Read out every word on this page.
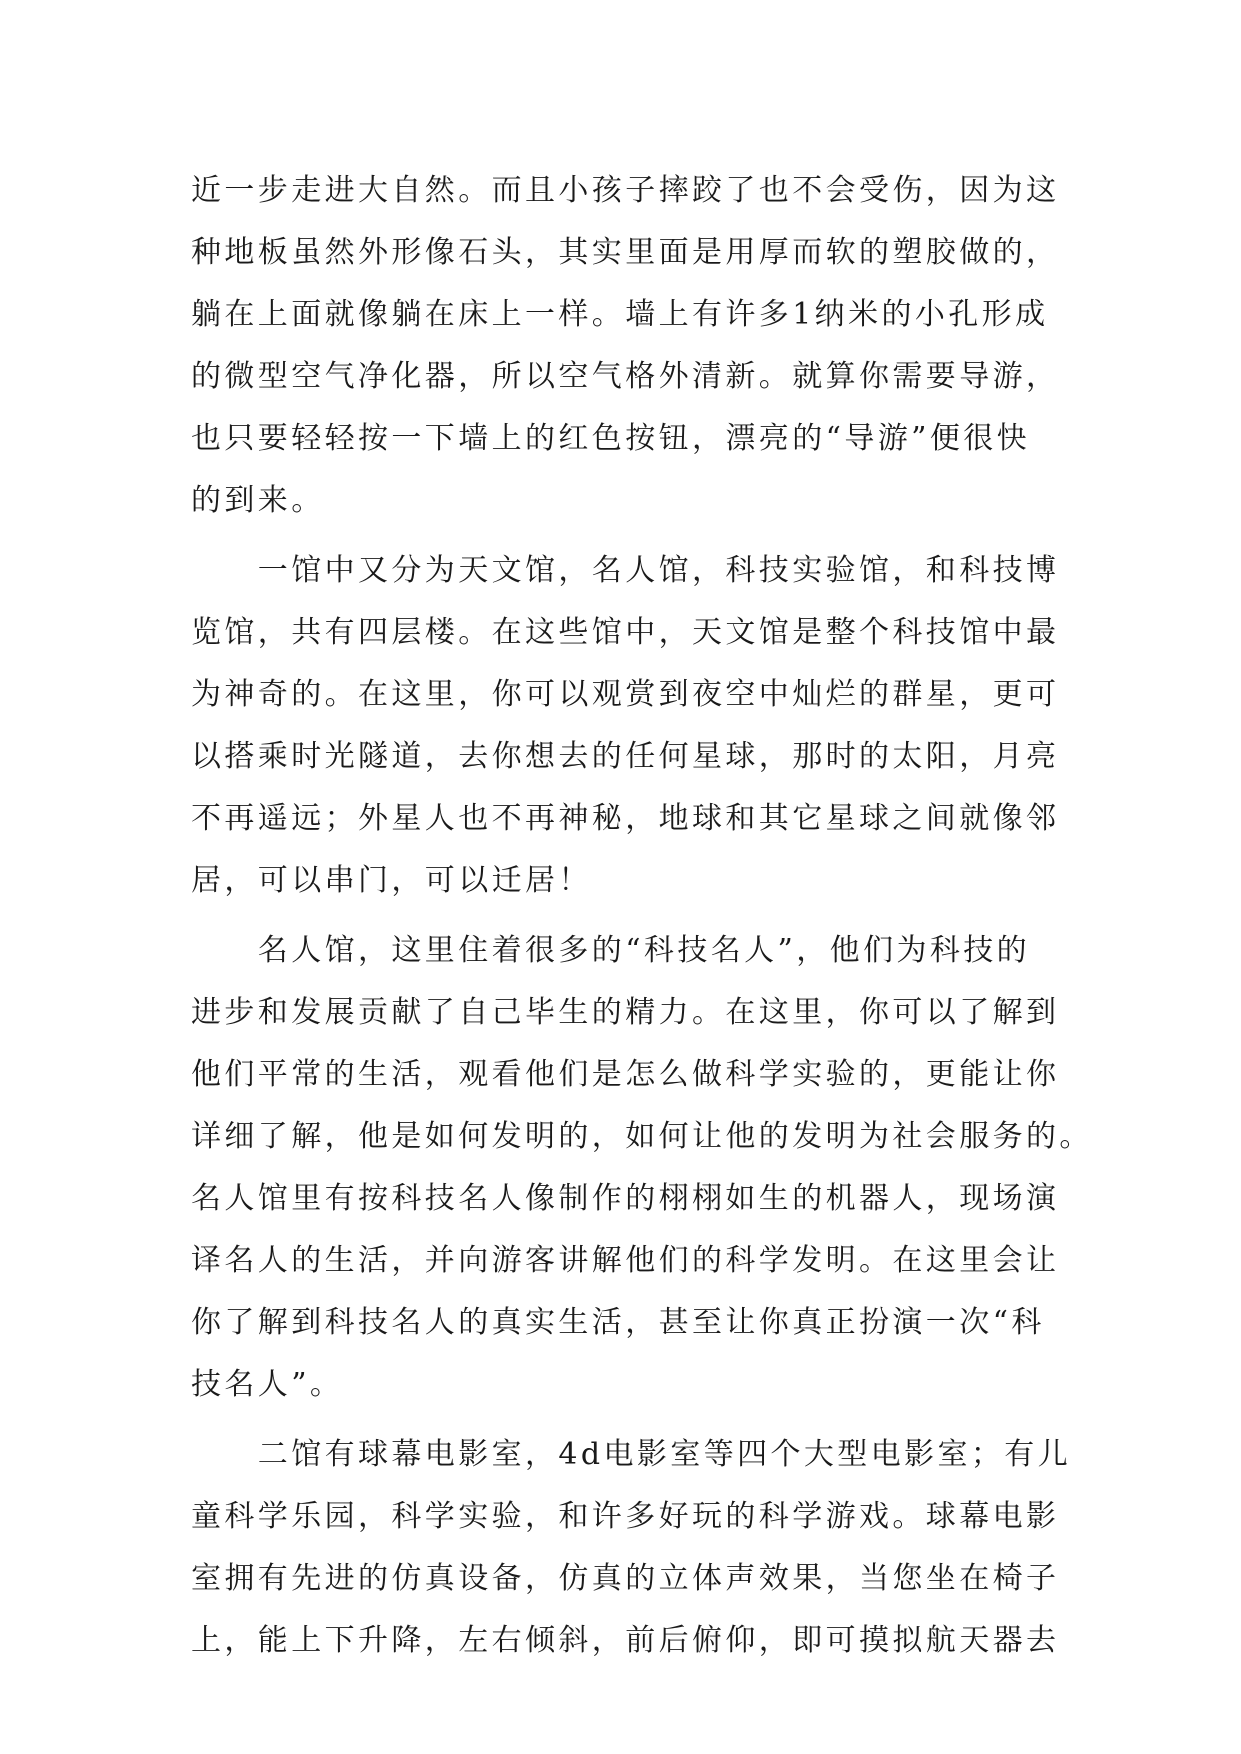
近一步走进大自然。而且小孩子摔跤了也不会受伤，因为这
种地板虽然外形像石头，其实里面是用厚而软的塑胶做的，
躺在上面就像躺在床上一样。墙上有许多1纳米的小孔形成
的微型空气净化器，所以空气格外清新。就算你需要导游，
也只要轻轻按一下墙上的红色按钮，漂亮的“导游”便很快
的到来。
　　一馆中又分为天文馆，名人馆，科技实验馆，和科技博
览馆，共有四层楼。在这些馆中，天文馆是整个科技馆中最
为神奇的。在这里，你可以观赏到夜空中灿烂的群星，更可
以搭乘时光隧道，去你想去的任何星球，那时的太阳，月亮
不再遥远；外星人也不再神秘，地球和其它星球之间就像邻
居，可以串门，可以迁居！
　　名人馆，这里住着很多的“科技名人”，他们为科技的
进步和发展贡献了自己毕生的精力。在这里，你可以了解到
他们平常的生活，观看他们是怎么做科学实验的，更能让你
详细了解，他是如何发明的，如何让他的发明为社会服务的。
名人馆里有按科技名人像制作的栩栩如生的机器人，现场演
译名人的生活，并向游客讲解他们的科学发明。在这里会让
你了解到科技名人的真实生活，甚至让你真正扮演一次“科
技名人”。
　　二馆有球幕电影室，4d电影室等四个大型电影室；有儿
童科学乐园，科学实验，和许多好玩的科学游戏。球幕电影
室拥有先进的仿真设备，仿真的立体声效果，当您坐在椅子
上，能上下升降，左右倾斜，前后俯仰，即可摸拟航天器去
